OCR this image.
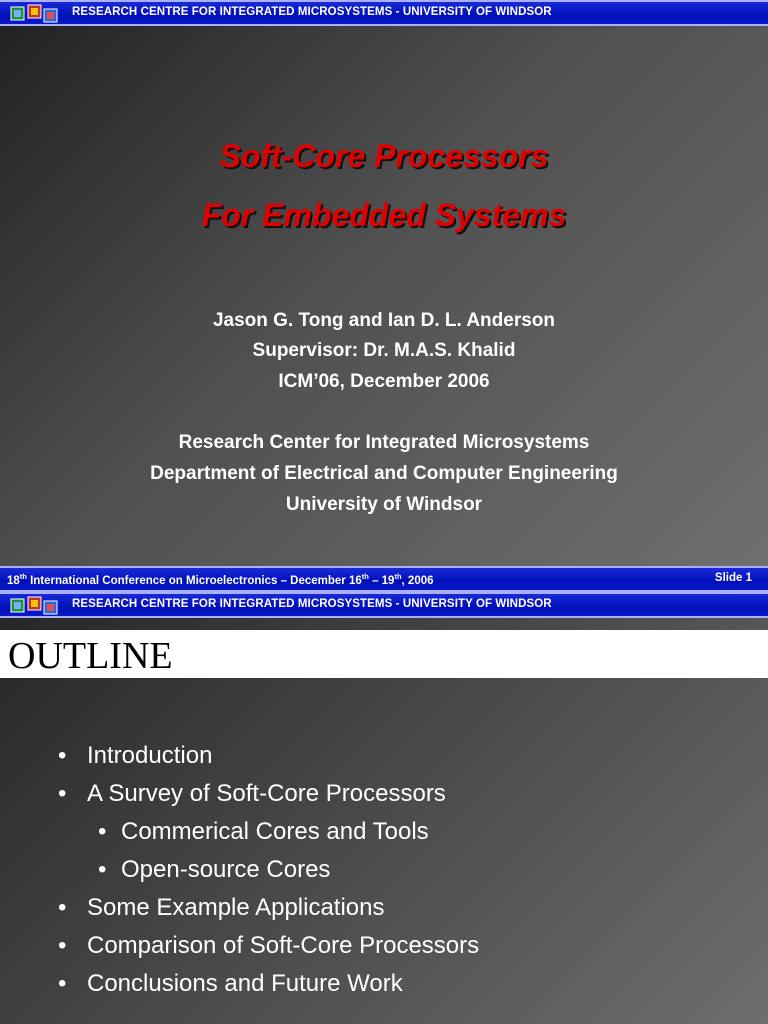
RESEARCH CENTRE FOR INTEGRATED MICROSYSTEMS - UNIVERSITY OF WINDSOR
Soft-Core Processors
For Embedded Systems
Jason G. Tong and Ian D. L. Anderson
Supervisor: Dr. M.A.S. Khalid
ICM’06, December 2006
Research Center for Integrated Microsystems
Department of Electrical and Computer Engineering
University of Windsor
18th International Conference on Microelectronics – December 16th – 19th, 2006	Slide 1
RESEARCH CENTRE FOR INTEGRATED MICROSYSTEMS - UNIVERSITY OF WINDSOR
OUTLINE
• Introduction
• A Survey of Soft-Core Processors
• Commerical Cores and Tools
• Open-source Cores
• Some Example Applications
• Comparison of Soft-Core Processors
• Conclusions and Future Work
